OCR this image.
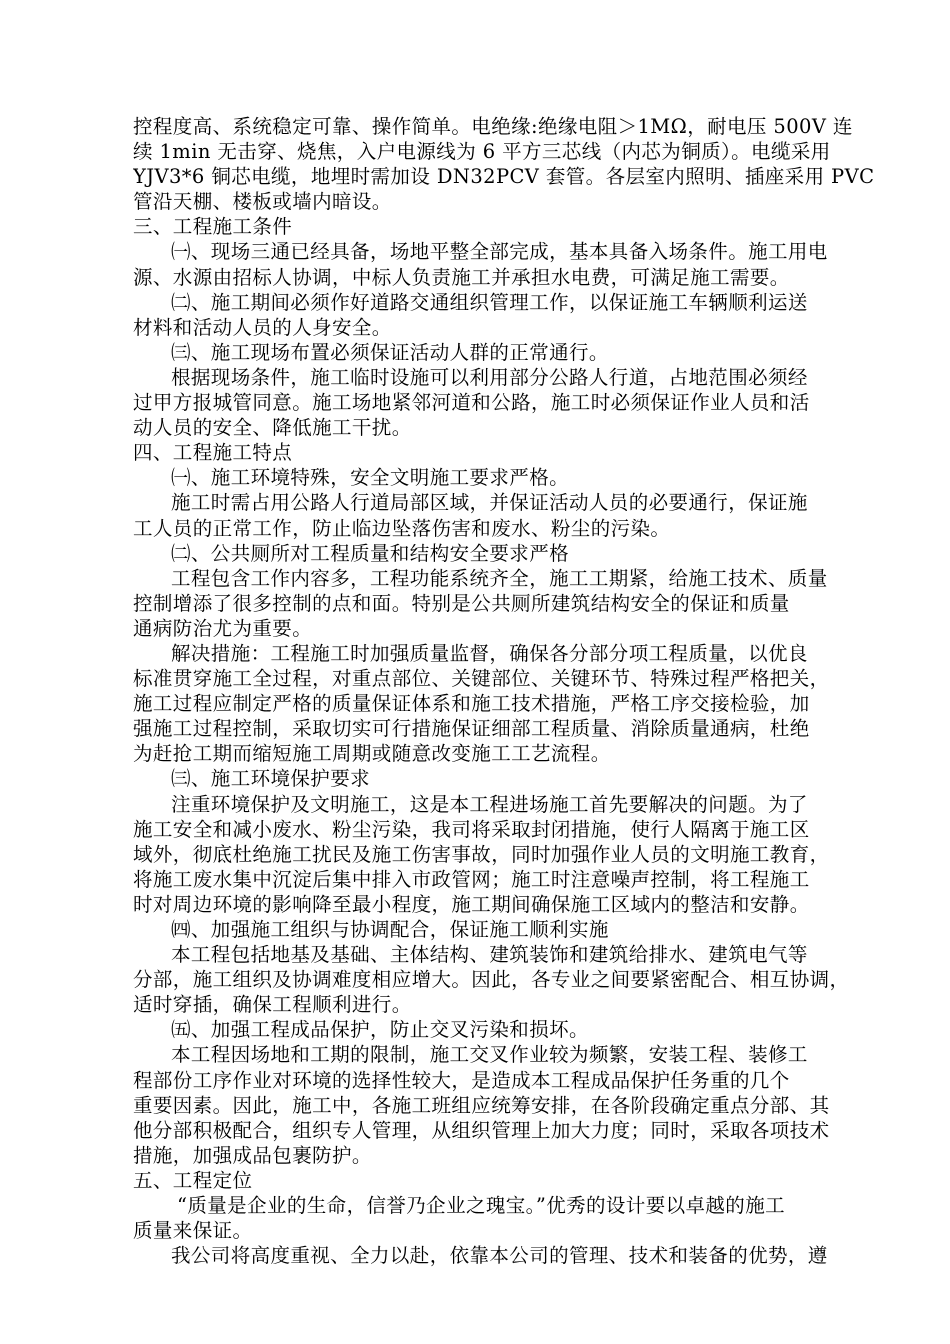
控程度高、系统稳定可靠、操作简单。电绝缘:绝缘电阻＞1MΩ，耐电压 500V 连
续 1min 无击穿、烧焦，入户电源线为 6 平方三芯线（内芯为铜质）。电缆采用
YJV3*6 铜芯电缆，地埋时需加设 DN32PCV 套管。各层室内照明、插座采用 PVC
管沿天棚、楼板或墙内暗设。
三、工程施工条件
㈠、现场三通已经具备，场地平整全部完成，基本具备入场条件。施工用电
源、水源由招标人协调，中标人负责施工并承担水电费，可满足施工需要。
㈡、施工期间必须作好道路交通组织管理工作，以保证施工车辆顺利运送
材料和活动人员的人身安全。
㈢、施工现场布置必须保证活动人群的正常通行。
根据现场条件，施工临时设施可以利用部分公路人行道，占地范围必须经
过甲方报城管同意。施工场地紧邻河道和公路，施工时必须保证作业人员和活
动人员的安全、降低施工干扰。
四、工程施工特点
㈠、施工环境特殊，安全文明施工要求严格。
施工时需占用公路人行道局部区域，并保证活动人员的必要通行，保证施
工人员的正常工作，防止临边坠落伤害和废水、粉尘的污染。
㈡、公共厕所对工程质量和结构安全要求严格
工程包含工作内容多，工程功能系统齐全，施工工期紧，给施工技术、质量
控制增添了很多控制的点和面。特别是公共厕所建筑结构安全的保证和质量
通病防治尤为重要。
解决措施：工程施工时加强质量监督，确保各分部分项工程质量，以优良
标准贯穿施工全过程，对重点部位、关键部位、关键环节、特殊过程严格把关，
施工过程应制定严格的质量保证体系和施工技术措施，严格工序交接检验，加
强施工过程控制，采取切实可行措施保证细部工程质量、消除质量通病，杜绝
为赶抢工期而缩短施工周期或随意改变施工工艺流程。
㈢、施工环境保护要求
注重环境保护及文明施工，这是本工程进场施工首先要解决的问题。为了
施工安全和减小废水、粉尘污染，我司将采取封闭措施，使行人隔离于施工区
域外，彻底杜绝施工扰民及施工伤害事故，同时加强作业人员的文明施工教育，
将施工废水集中沉淀后集中排入市政管网；施工时注意噪声控制，将工程施工
时对周边环境的影响降至最小程度，施工期间确保施工区域内的整洁和安静。
㈣、加强施工组织与协调配合，保证施工顺利实施
本工程包括地基及基础、主体结构、建筑装饰和建筑给排水、建筑电气等
分部，施工组织及协调难度相应增大。因此，各专业之间要紧密配合、相互协调，
适时穿插，确保工程顺利进行。
㈤、加强工程成品保护，防止交叉污染和损坏。
本工程因场地和工期的限制，施工交叉作业较为频繁，安装工程、装修工
程部份工序作业对环境的选择性较大，是造成本工程成品保护任务重的几个
重要因素。因此，施工中，各施工班组应统筹安排，在各阶段确定重点分部、其
他分部积极配合，组织专人管理，从组织管理上加大力度；同时，采取各项技术
措施，加强成品包裹防护。
五、工程定位
“质量是企业的生命，信誉乃企业之瑰宝。”优秀的设计要以卓越的施工
质量来保证。
我公司将高度重视、全力以赴，依靠本公司的管理、技术和装备的优势，遵
